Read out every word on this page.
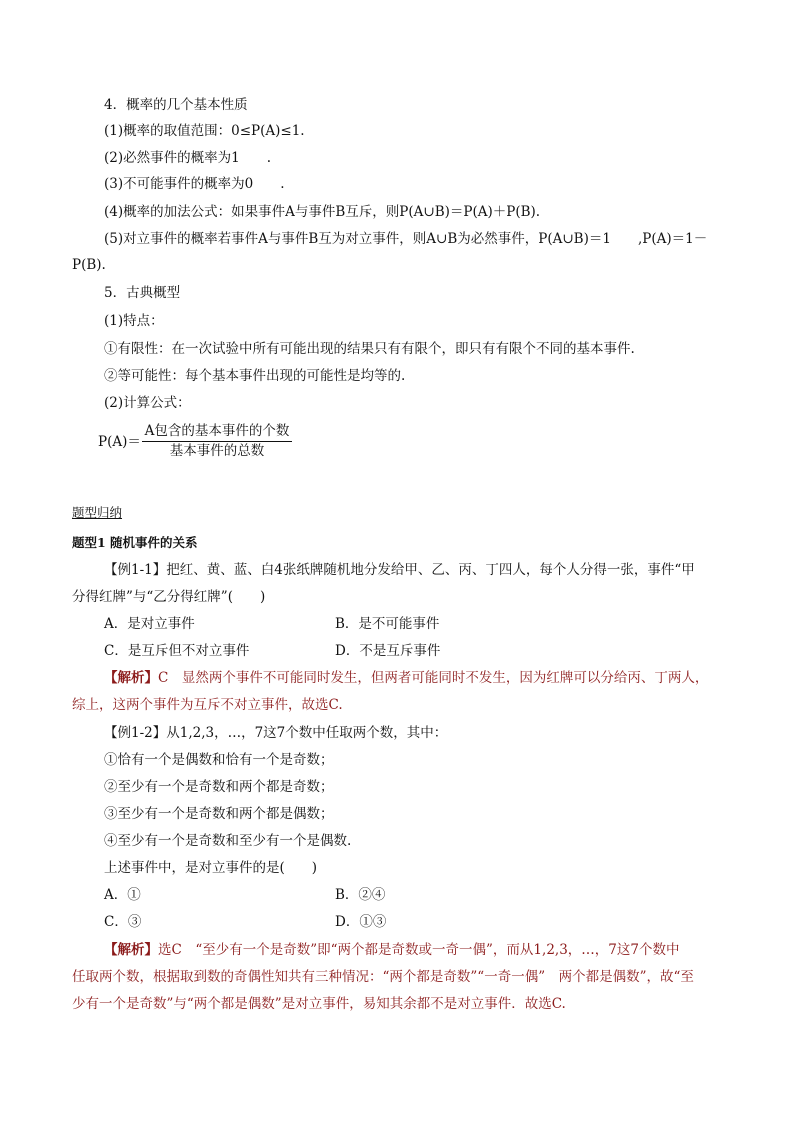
4．概率的几个基本性质
(1)概率的取值范围：0≤P(A)≤1.
(2)必然事件的概率为1　　.
(3)不可能事件的概率为0　　.
(4)概率的加法公式：如果事件A与事件B互斥，则P(A∪B)＝P(A)＋P(B).
(5)对立事件的概率若事件A与事件B互为对立事件，则A∪B为必然事件，P(A∪B)＝1　　,P(A)＝1－
P(B).
5．古典概型
(1)特点：
①有限性：在一次试验中所有可能出现的结果只有有限个，即只有有限个不同的基本事件.
②等可能性：每个基本事件出现的可能性是均等的.
(2)计算公式：
P(A)＝
A包含的基本事件的个数
基本事件的总数
题型归纳
题型1 随机事件的关系
【例1-1】把红、黄、蓝、白4张纸牌随机地分发给甲、乙、丙、丁四人，每个人分得一张，事件“甲
分得红牌”与“乙分得红牌”(　　)
A．是对立事件	B．是不可能事件
C．是互斥但不对立事件	D．不是互斥事件
【解析】C　显然两个事件不可能同时发生，但两者可能同时不发生，因为红牌可以分给丙、丁两人，
综上，这两个事件为互斥不对立事件，故选C.
【例1-2】从1,2,3，…，7这7个数中任取两个数，其中：
①恰有一个是偶数和恰有一个是奇数；
②至少有一个是奇数和两个都是奇数；
③至少有一个是奇数和两个都是偶数；
④至少有一个是奇数和至少有一个是偶数.
上述事件中，是对立事件的是(　　)
A．①	B．②④
C．③	D．①③
【解析】选C　“至少有一个是奇数”即“两个都是奇数或一奇一偶”，而从1,2,3，…，7这7个数中
任取两个数，根据取到数的奇偶性知共有三种情况：“两个都是奇数”“一奇一偶”　两个都是偶数”，故“至
少有一个是奇数”与“两个都是偶数”是对立事件，易知其余都不是对立事件．故选C.
